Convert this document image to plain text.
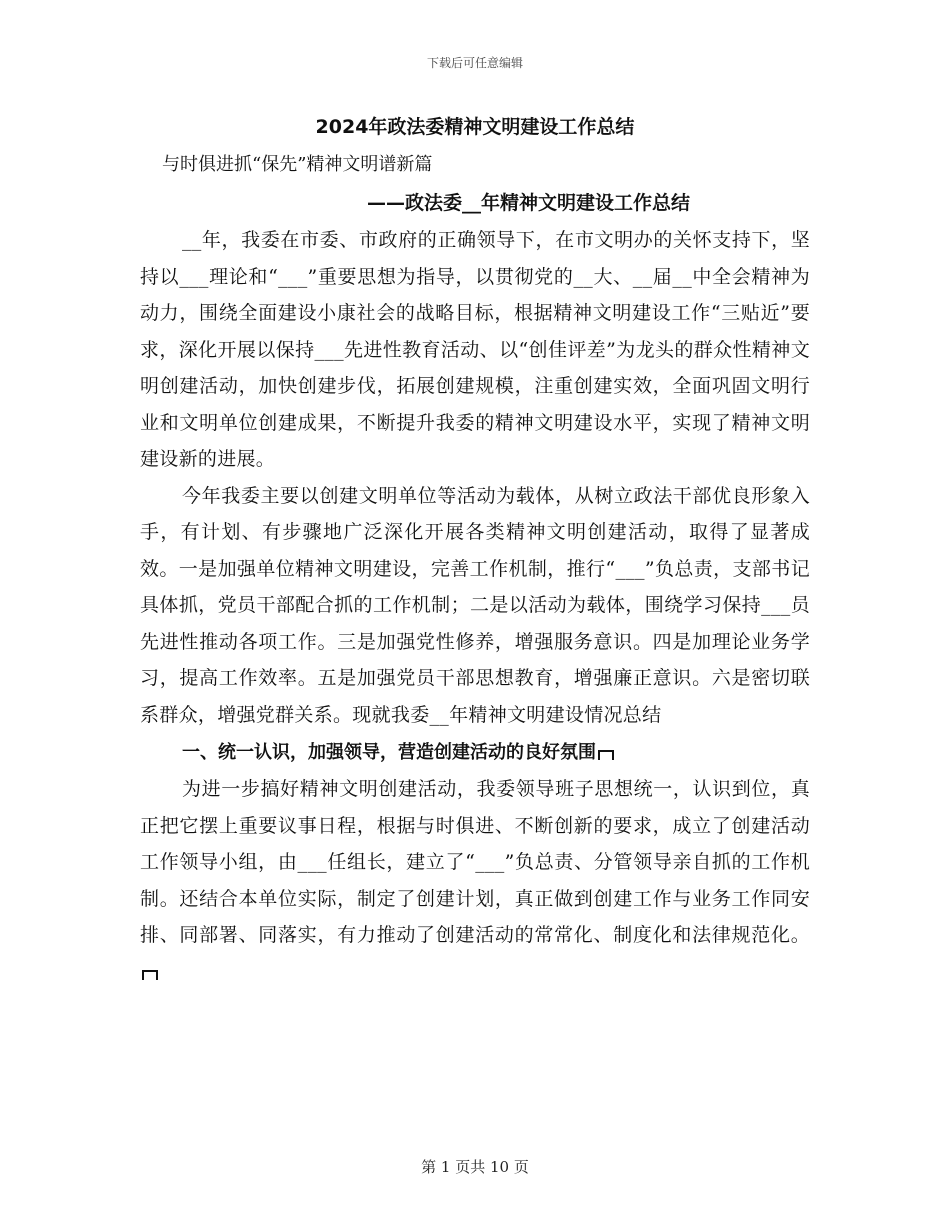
下载后可任意编辑
2024年政法委精神文明建设工作总结
与时俱进抓“保先”精神文明谱新篇
——政法委__年精神文明建设工作总结

__年，我委在市委、市政府的正确领导下，在市文明办的关怀支持下，坚持以___理论和“___”重要思想为指导，以贯彻党的__大、__届__中全会精神为动力，围绕全面建设小康社会的战略目标，根据精神文明建设工作“三贴近”要求，深化开展以保持___先进性教育活动、以“创佳评差”为龙头的群众性精神文明创建活动，加快创建步伐，拓展创建规模，注重创建实效，全面巩固文明行业和文明单位创建成果，不断提升我委的精神文明建设水平，实现了精神文明建设新的进展。

今年我委主要以创建文明单位等活动为载体，从树立政法干部优良形象入手，有计划、有步骤地广泛深化开展各类精神文明创建活动，取得了显著成效。一是加强单位精神文明建设，完善工作机制，推行“___”负总责，支部书记具体抓，党员干部配合抓的工作机制；二是以活动为载体，围绕学习保持___员先进性推动各项工作。三是加强党性修养，增强服务意识。四是加理论业务学习，提高工作效率。五是加强党员干部思想教育，增强廉正意识。六是密切联系群众，增强党群关系。现就我委__年精神文明建设情况总结

一、统一认识，加强领导，营造创建活动的良好氛围

为进一步搞好精神文明创建活动，我委领导班子思想统一，认识到位，真正把它摆上重要议事日程，根据与时俱进、不断创新的要求，成立了创建活动工作领导小组，由___任组长，建立了“___”负总责、分管领导亲自抓的工作机制。还结合本单位实际，制定了创建计划，真正做到创建工作与业务工作同安排、同部署、同落实，有力推动了创建活动的常常化、制度化和法律规范化。

第 1 页共 10 页
